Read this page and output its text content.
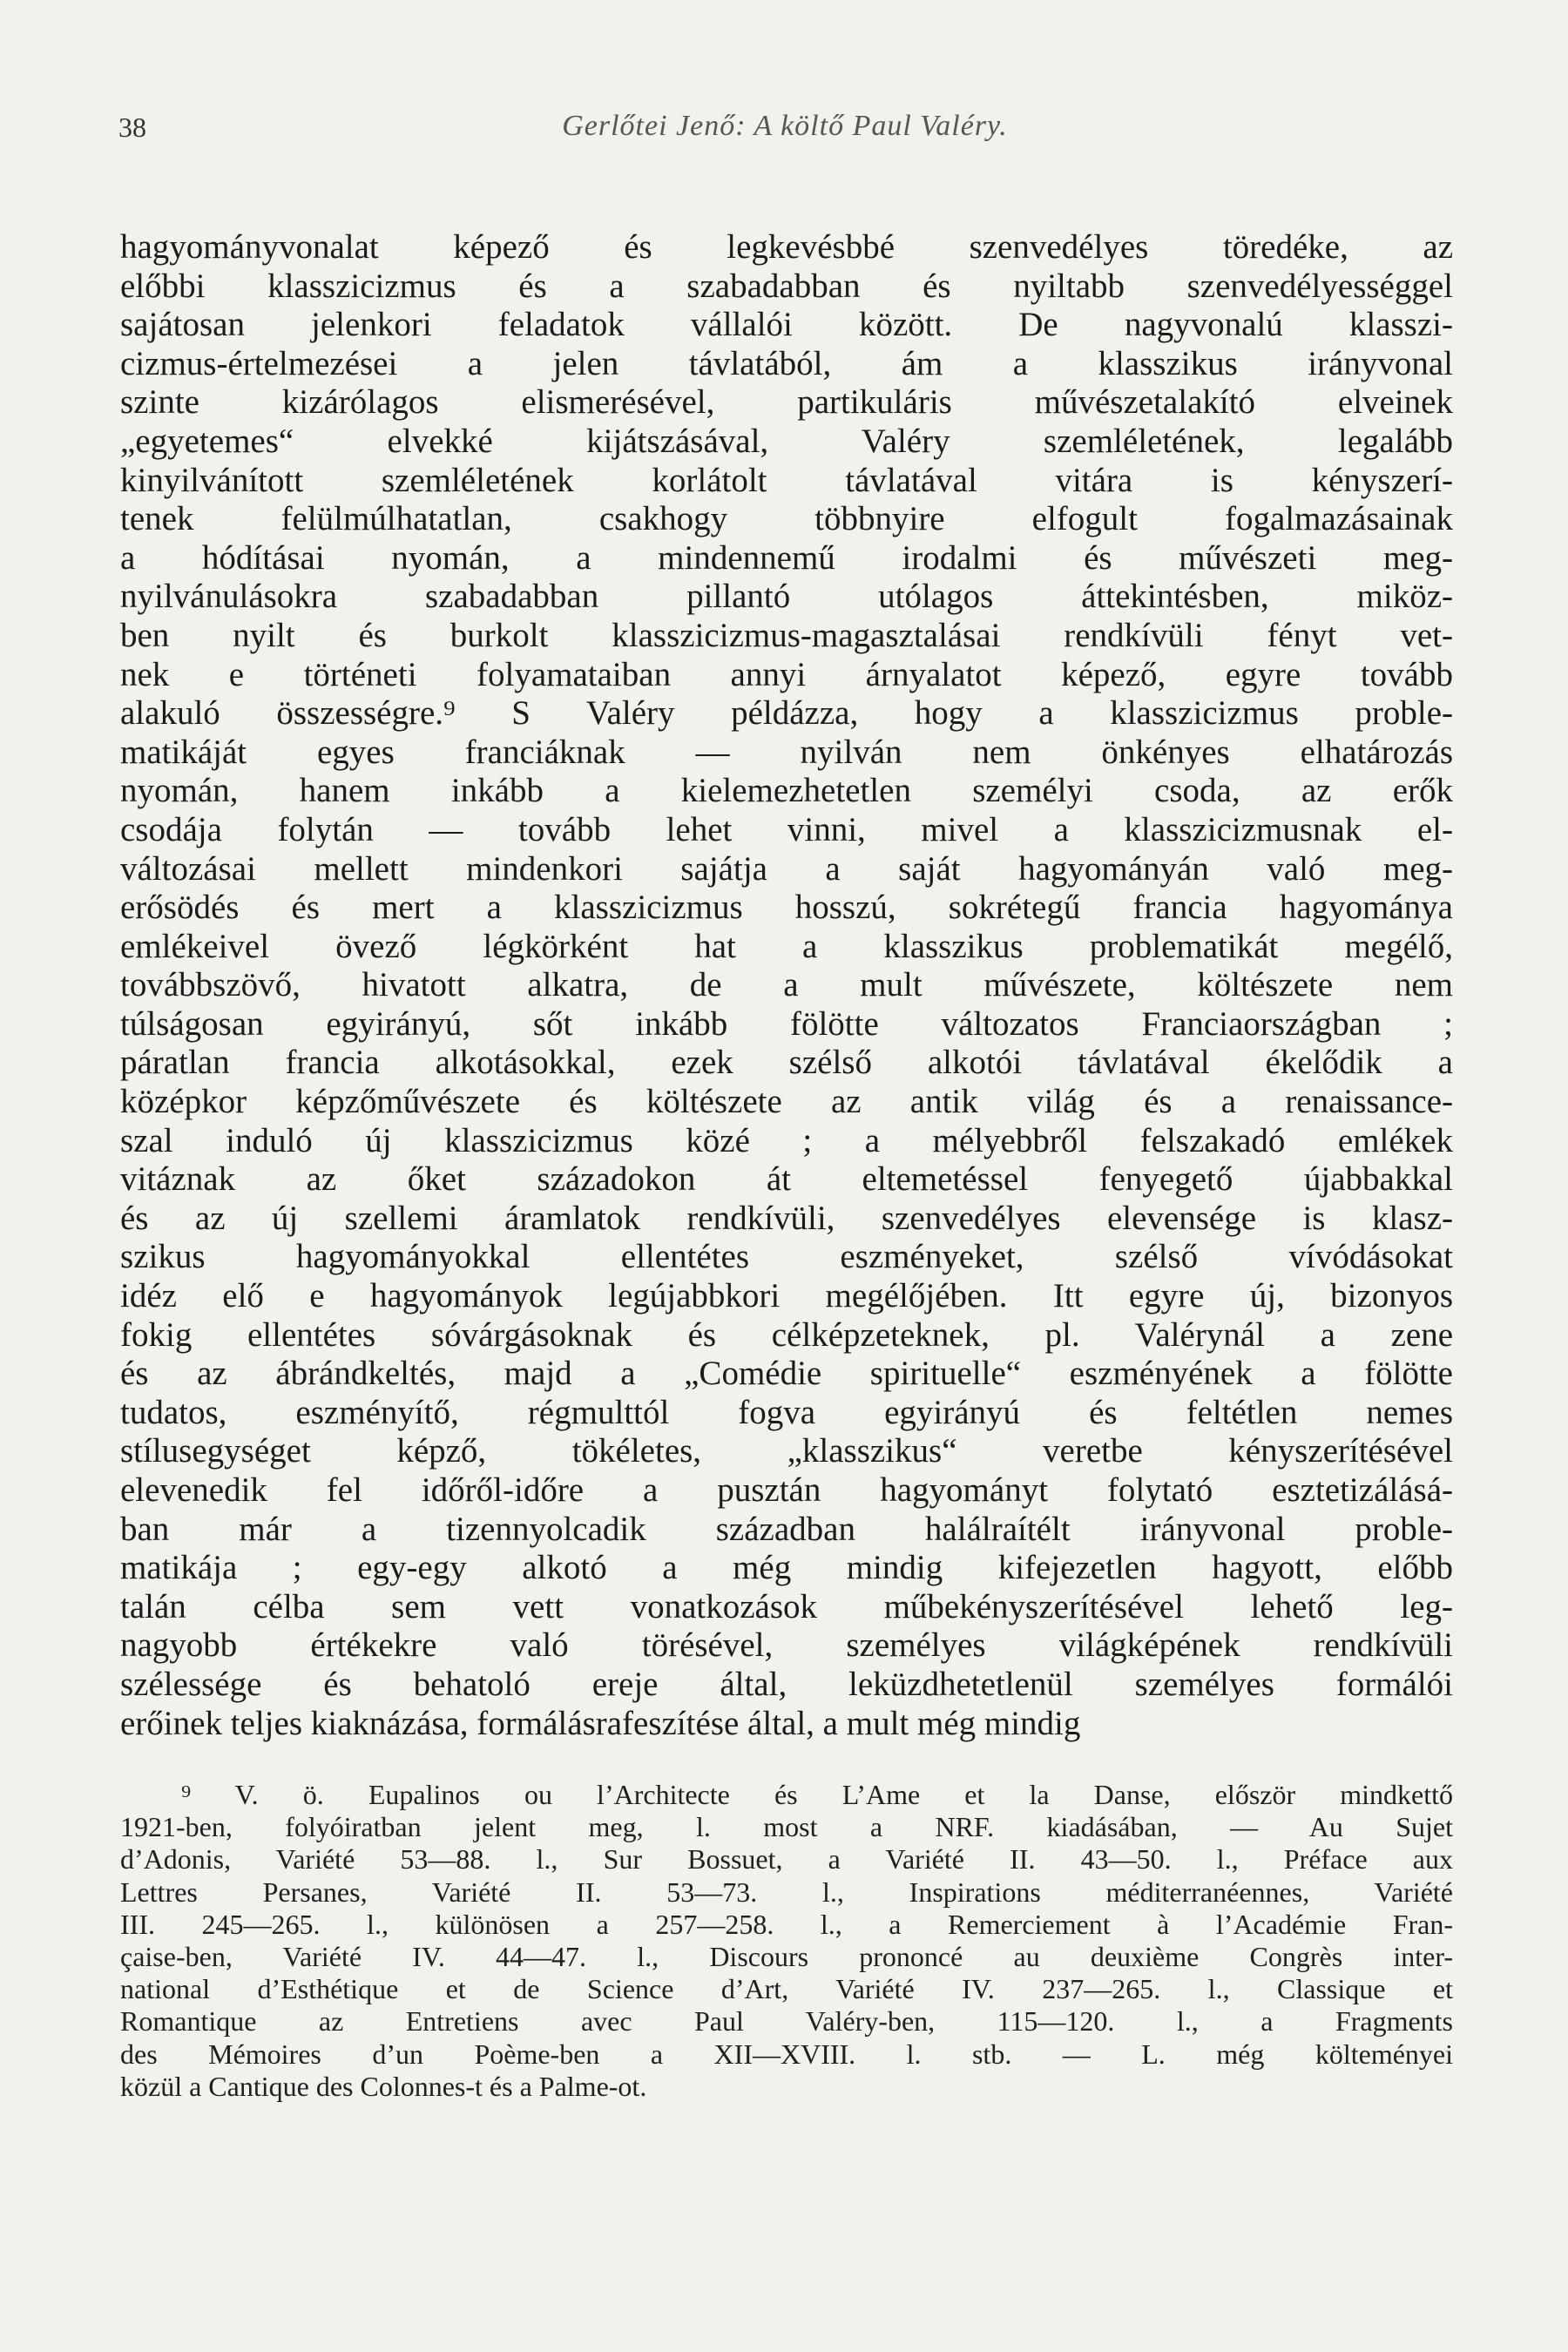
38	Gerlőtei Jenő: A költő Paul Valéry.
hagyományvonalat képező és legkevésbbé szenvedélyes töredéke, az
előbbi klasszicizmus és a szabadabban és nyiltabb szenvedélyességgel
sajátosan jelenkori feladatok vállalói között. De nagyvonalú klasszi-
cizmus-értelmezései a jelen távlatából, ám a klasszikus irányvonal
szinte kizárólagos elismerésével, partikuláris művészetalakító elveinek
„egyetemes“ elvekké kijátszásával, Valéry szemléletének, legalább
kinyilvánított szemléletének korlátolt távlatával vitára is kényszerí-
tenek felülmúlhatatlan, csakhogy többnyire elfogult fogalmazásainak
a hódításai nyomán, a mindennemű irodalmi és művészeti meg-
nyilvánulásokra szabadabban pillantó utólagos áttekintésben, miköz-
ben nyilt és burkolt klasszicizmus-magasztalásai rendkívüli fényt vet-
nek e történeti folyamataiban annyi árnyalatot képező, egyre tovább
alakuló összességre.⁹ S Valéry példázza, hogy a klasszicizmus proble-
matikáját egyes franciáknak — nyilván nem önkényes elhatározás
nyomán, hanem inkább a kielemezhetetlen személyi csoda, az erők
csodája folytán — tovább lehet vinni, mivel a klasszicizmusnak el-
változásai mellett mindenkori sajátja a saját hagyományán való meg-
erősödés és mert a klasszicizmus hosszú, sokrétegű francia hagyománya
emlékeivel övező légkörként hat a klasszikus problematikát megélő,
továbbszövő, hivatott alkatra, de a mult művészete, költészete nem
túlságosan egyirányú, sőt inkább fölötte változatos Franciaországban ;
páratlan francia alkotásokkal, ezek szélső alkotói távlatával ékelődik a
középkor képzőművészete és költészete az antik világ és a renaissance-
szal induló új klasszicizmus közé ; a mélyebbről felszakadó emlékek
vitáznak az őket századokon át eltemetéssel fenyegető újabbakkal
és az új szellemi áramlatok rendkívüli, szenvedélyes elevensége is klasz-
szikus hagyományokkal ellentétes eszményeket, szélső vívódásokat
idéz elő e hagyományok legújabbkori megélőjében. Itt egyre új, bizonyos
fokig ellentétes sóvárgásoknak és célképzeteknek, pl. Valérynál a zene
és az ábrándkeltés, majd a „Comédie spirituelle“ eszményének a fölötte
tudatos, eszményítő, régmulttól fogva egyirányú és feltétlen nemes
stílusegységet képző, tökéletes, „klasszikus“ veretbe kényszerítésével
elevenedik fel időről-időre a pusztán hagyományt folytató esztetizálásá-
ban már a tizennyolcadik században halálraítélt irányvonal proble-
matikája ; egy-egy alkotó a még mindig kifejezetlen hagyott, előbb
talán célba sem vett vonatkozások műbekényszerítésével lehető leg-
nagyobb értékekre való törésével, személyes világképének rendkívüli
szélessége és behatoló ereje által, leküzdhetetlenül személyes formálói
erőinek teljes kiaknázása, formálásrafeszítése által, a mult még mindig
⁹ V. ö. Eupalinos ou l’Architecte és L’Ame et la Danse, először mindkettő
1921-ben, folyóiratban jelent meg, l. most a NRF. kiadásában, — Au Sujet
d’Adonis, Variété 53—88. l., Sur Bossuet, a Variété II. 43—50. l., Préface aux
Lettres Persanes, Variété II. 53—73. l., Inspirations méditerranéennes, Variété
III. 245—265. l., különösen a 257—258. l., a Remerciement à l’Académie Fran-
çaise-ben, Variété IV. 44—47. l., Discours prononcé au deuxième Congrès inter-
national d’Esthétique et de Science d’Art, Variété IV. 237—265. l., Classique et
Romantique az Entretiens avec Paul Valéry-ben, 115—120. l., a Fragments
des Mémoires d’un Poème-ben a XII—XVIII. l. stb. — L. még költeményei
közül a Cantique des Colonnes-t és a Palme-ot.
